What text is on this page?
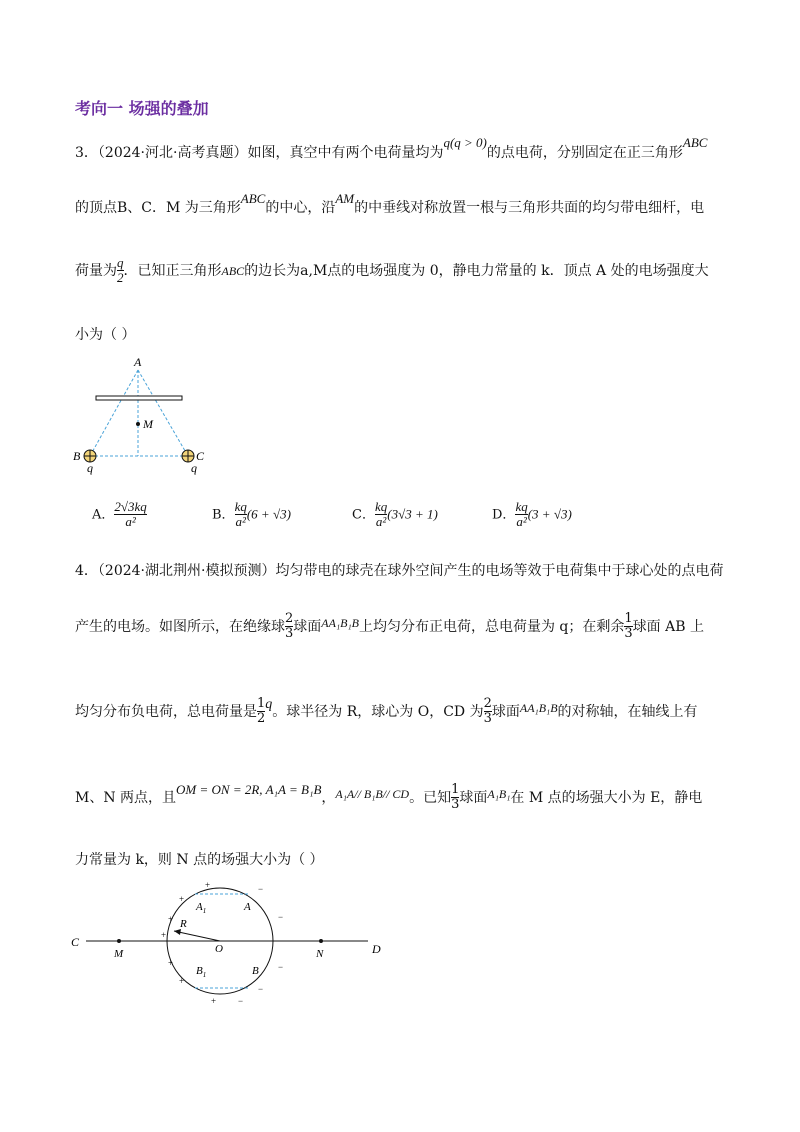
考向一 场强的叠加
3．（2024·河北·高考真题）如图，真空中有两个电荷量均为q(q > 0)的点电荷，分别固定在正三角形ABC
的顶点B、C．M 为三角形ABC的中心，沿AM的中垂线对称放置一根与三角形共面的均匀带电细杆，电
荷量为 $\frac{q}{2}$ ．已知正三角形ABC的边长为a,M点的电场强度为 0，静电力常量的 k．顶点 A 处的电场强度大
小为（ ）
A
M
B	C
q	q
A． $\frac{2√3kq}{\text{a²}}$	B． $\frac{kq}{\text{a²}} (6 + √3)$	C． $\frac{kq}{\text{a²}} (3√3 + 1)$	D． $\frac{kq}{\text{a²}} (3 + √3)$
4．（2024·湖北荆州·模拟预测）均匀带电的球壳在球外空间产生的电场等效于电荷集中于球心处的点电荷
产生的电场。如图所示，在绝缘球 $\frac{2}{3}$ 球面AA₁B₁B上均匀分布正电荷，总电荷量为 q；在剩余 $\frac{1}{3}$ 球面 AB 上
均匀分布负电荷，总电荷量是 $\frac{1}{2}$ q。球半径为 R，球心为 O，CD 为 $\frac{2}{3}$ 球面AA₁B₁B的对称轴，在轴线上有
M、N 两点，且OM = ON = 2R, A₁A = B₁B，A₁A// B₁B// CD。已知 $\frac{1}{3}$ 球面A₁B₁在 M 点的场强大小为 E，静电
力常量为 k，则 N 点的场强大小为（ ）
C	D
M	N
O
R
A
$A_1$
B
$B_1$
+
+
+
+
+
+
+
−
−
−
−
−
